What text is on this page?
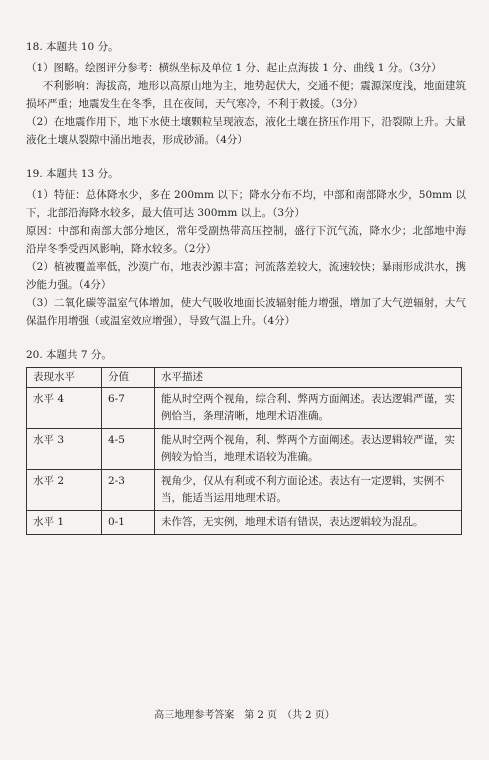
18. 本题共 10 分。

（1）图略。绘图评分参考：横纵坐标及单位 1 分、起止点海拔 1 分、曲线 1 分。（3分）

不利影响：海拔高，地形以高原山地为主，地势起伏大，交通不便；震源深度浅，地面建筑损坏严重；地震发生在冬季，且在夜间，天气寒冷，不利于救援。（3分）

（2）在地震作用下，地下水使土壤颗粒呈现液态，液化土壤在挤压作用下，沿裂隙上升。大量液化土壤从裂隙中涌出地表，形成砂涌。（4分）

19. 本题共 13 分。

（1）特征：总体降水少，多在 200mm 以下；降水分布不均，中部和南部降水少，50mm 以下，北部沿海降水较多，最大值可达 300mm 以上。（3分）

原因：中部和南部大部分地区，常年受副热带高压控制，盛行下沉气流，降水少；北部地中海沿岸冬季受西风影响，降水较多。（2分）

（2）植被覆盖率低，沙漠广布，地表沙源丰富；河流落差较大，流速较快；暴雨形成洪水，携沙能力强。（4分）

（3）二氧化碳等温室气体增加，使大气吸收地面长波辐射能力增强，增加了大气逆辐射，大气保温作用增强（或温室效应增强），导致气温上升。（4分）

20. 本题共 7 分。
表现水平	分值	水平描述
水平 4	6-7	能从时空两个视角，综合利、弊两方面阐述。表达逻辑严谨，实例恰当，条理清晰，地理术语准确。
水平 3	4-5	能从时空两个视角，利、弊两个方面阐述。表达逻辑较严谨，实例较为恰当，地理术语较为准确。
水平 2	2-3	视角少，仅从有利或不利方面论述。表达有一定逻辑，实例不当，能适当运用地理术语。
水平 1	0-1	未作答，无实例，地理术语有错误，表达逻辑较为混乱。
高三地理参考答案　第 2 页　（共 2 页）
